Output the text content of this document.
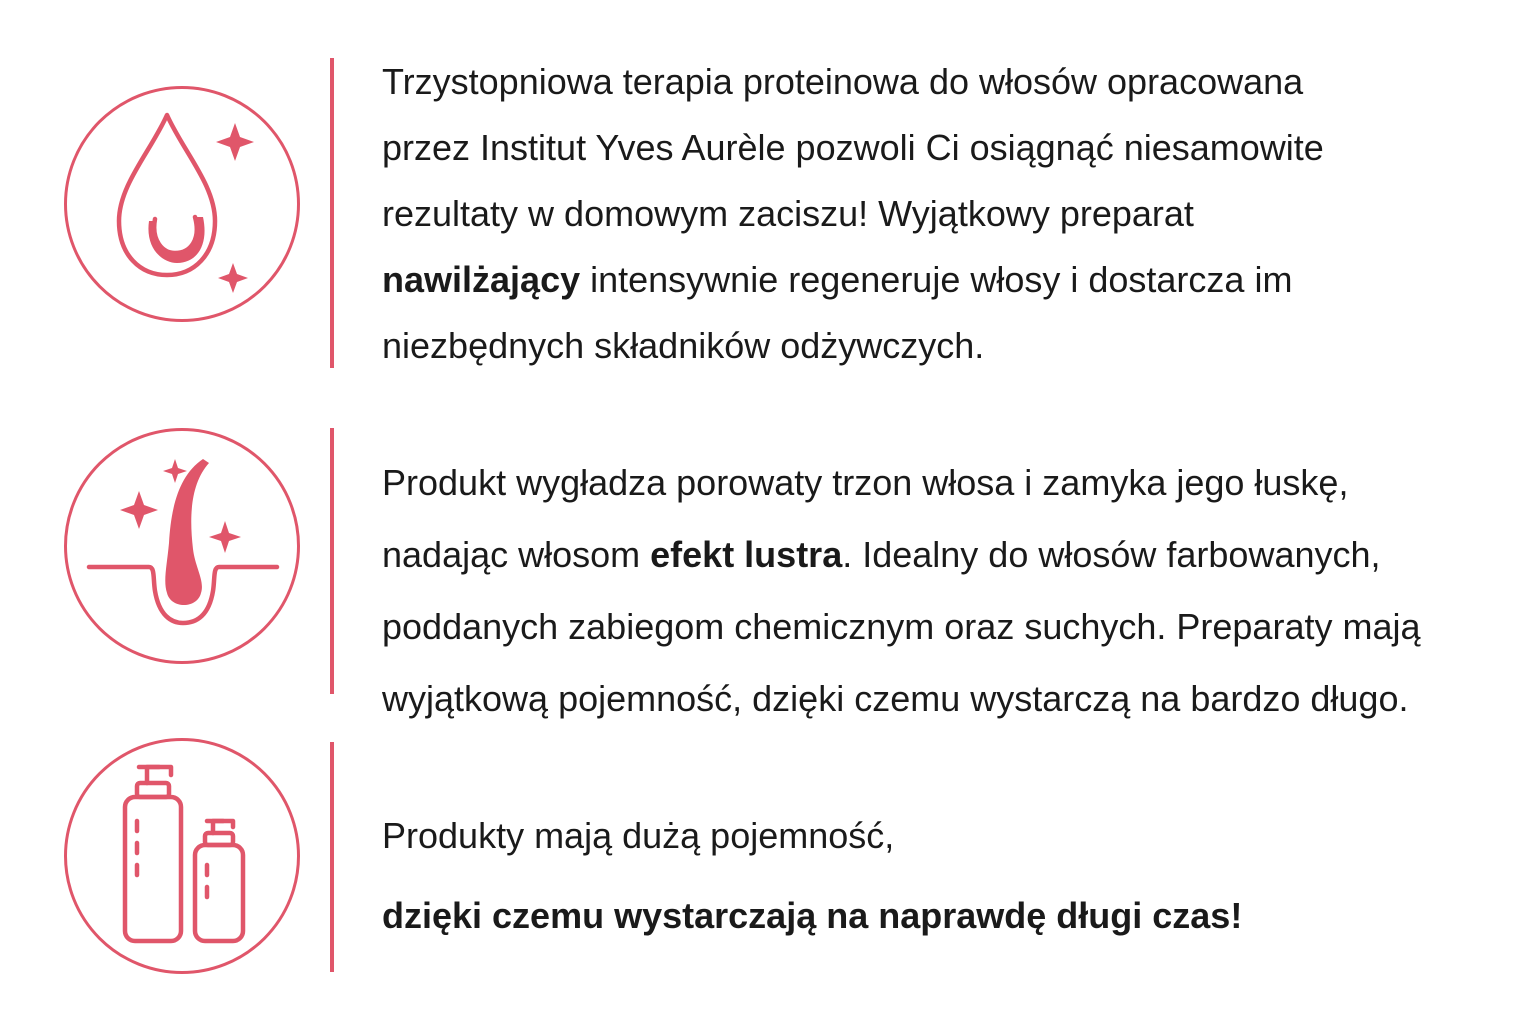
Trzystopniowa terapia proteinowa do włosów opracowana
przez Institut Yves Aurèle pozwoli Ci osiągnąć niesamowite
rezultaty w domowym zaciszu! Wyjątkowy preparat
nawilżający intensywnie regeneruje włosy i dostarcza im
niezbędnych składników odżywczych.
Produkt wygładza porowaty trzon włosa i zamyka jego łuskę,
nadając włosom efekt lustra. Idealny do włosów farbowanych,
poddanych zabiegom chemicznym oraz suchych. Preparaty mają
wyjątkową pojemność, dzięki czemu wystarczą na bardzo długo.
Produkty mają dużą pojemność,
dzięki czemu wystarczają na naprawdę długi czas!
